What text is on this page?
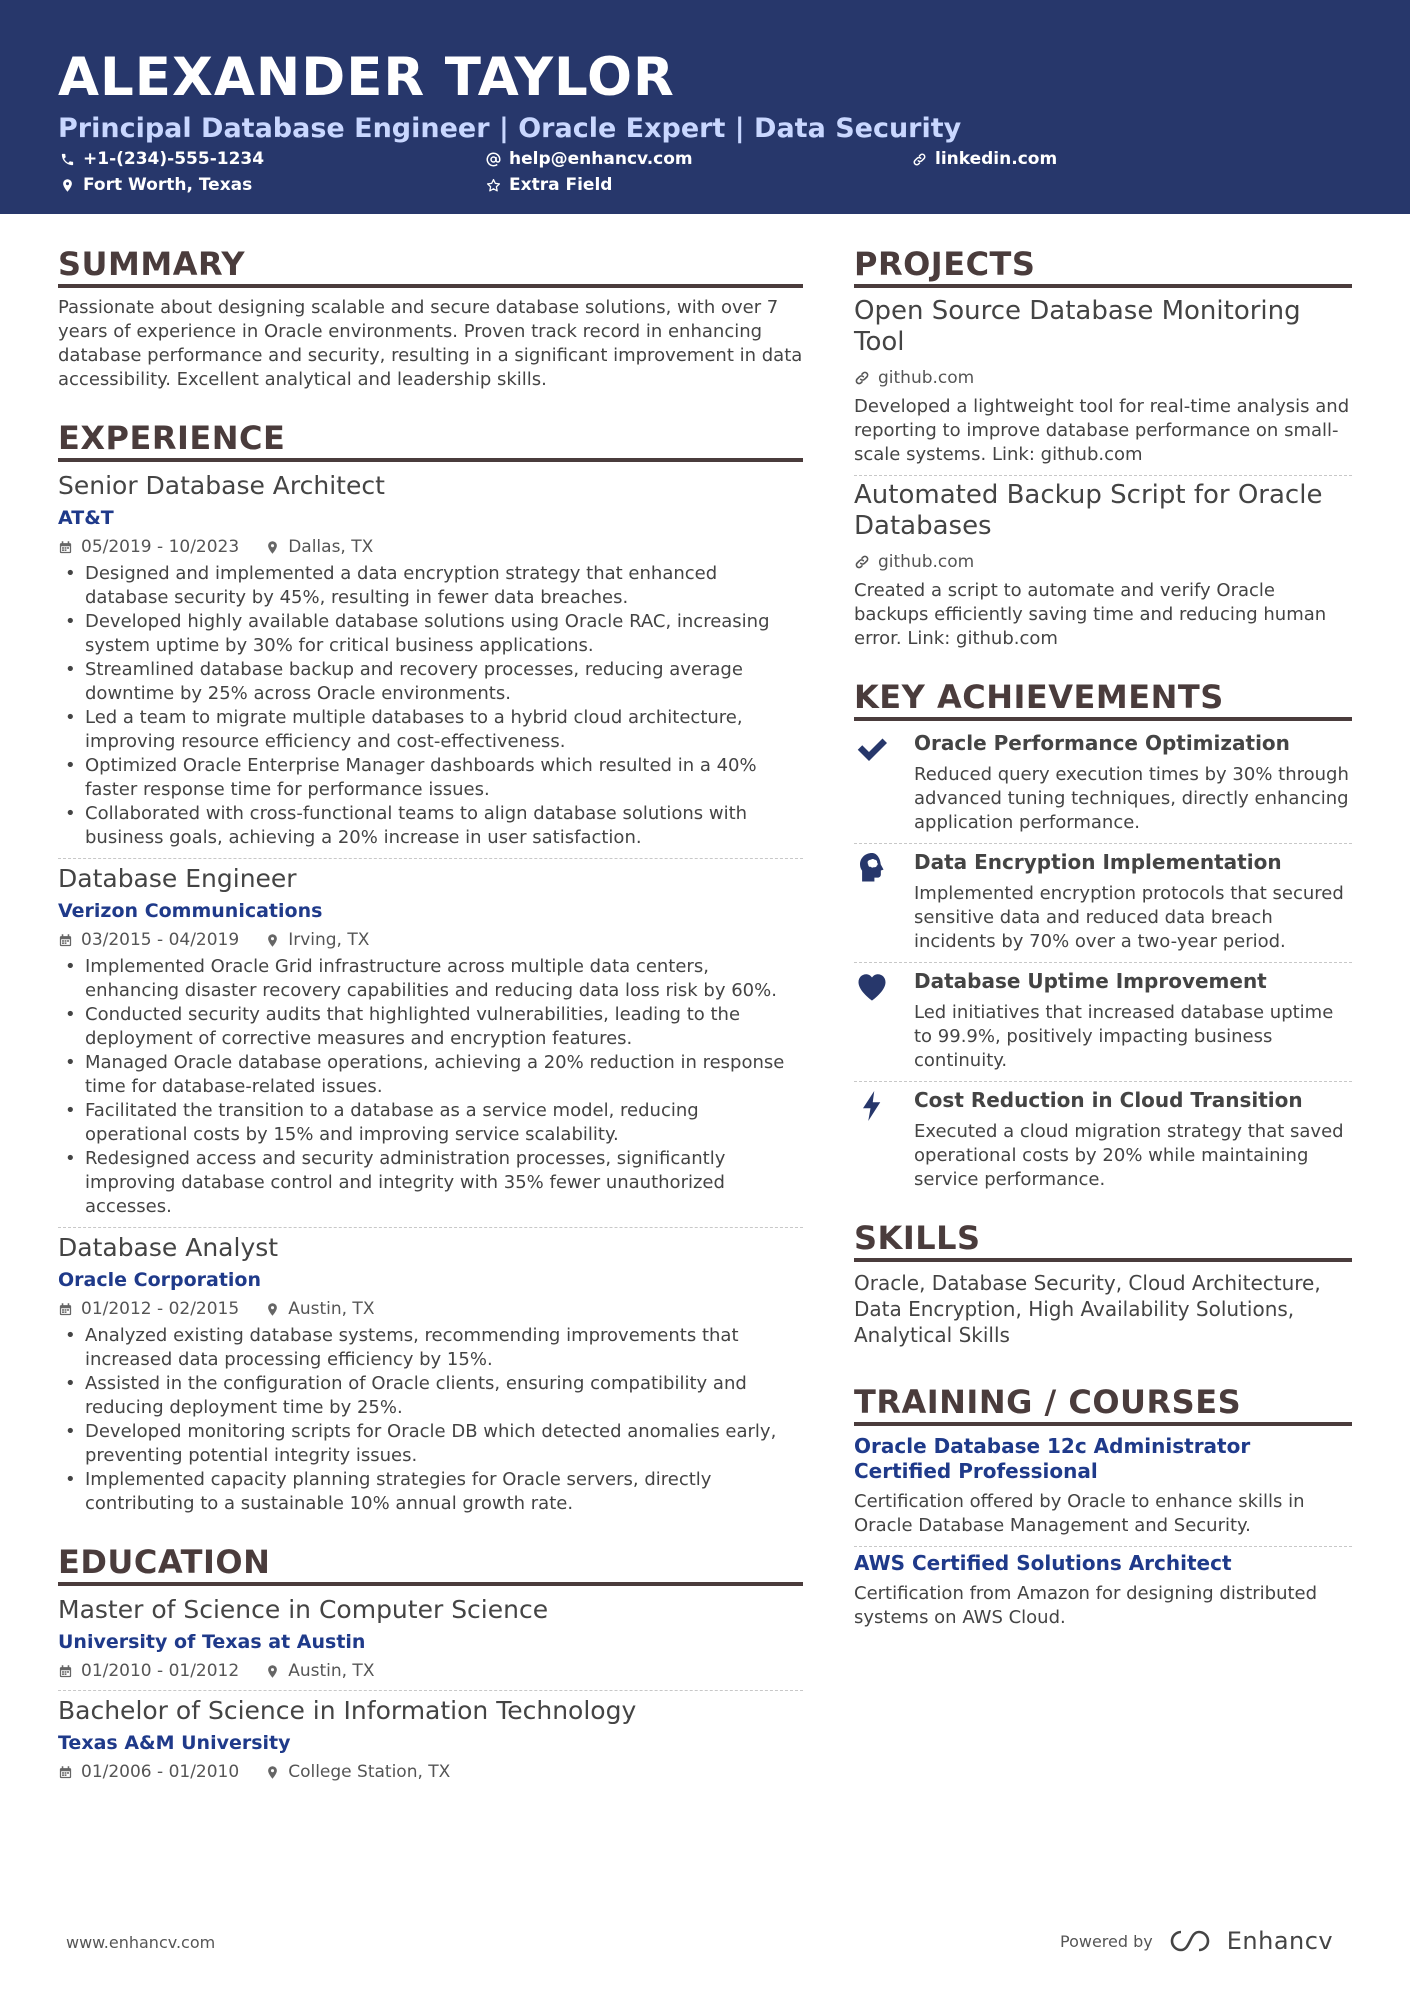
ALEXANDER TAYLOR
Principal Database Engineer | Oracle Expert | Data Security
+1-(234)-555-1234	help@enhancv.com	linkedin.com
Fort Worth, Texas	Extra Field
SUMMARY
Passionate about designing scalable and secure database solutions, with over 7 years of experience in Oracle environments. Proven track record in enhancing database performance and security, resulting in a significant improvement in data accessibility. Excellent analytical and leadership skills.
EXPERIENCE
Senior Database Architect
AT&T
05/2019 - 10/2023	Dallas, TX
• Designed and implemented a data encryption strategy that enhanced database security by 45%, resulting in fewer data breaches.
• Developed highly available database solutions using Oracle RAC, increasing system uptime by 30% for critical business applications.
• Streamlined database backup and recovery processes, reducing average downtime by 25% across Oracle environments.
• Led a team to migrate multiple databases to a hybrid cloud architecture, improving resource efficiency and cost-effectiveness.
• Optimized Oracle Enterprise Manager dashboards which resulted in a 40% faster response time for performance issues.
• Collaborated with cross-functional teams to align database solutions with business goals, achieving a 20% increase in user satisfaction.
Database Engineer
Verizon Communications
03/2015 - 04/2019	Irving, TX
• Implemented Oracle Grid infrastructure across multiple data centers, enhancing disaster recovery capabilities and reducing data loss risk by 60%.
• Conducted security audits that highlighted vulnerabilities, leading to the deployment of corrective measures and encryption features.
• Managed Oracle database operations, achieving a 20% reduction in response time for database-related issues.
• Facilitated the transition to a database as a service model, reducing operational costs by 15% and improving service scalability.
• Redesigned access and security administration processes, significantly improving database control and integrity with 35% fewer unauthorized accesses.
Database Analyst
Oracle Corporation
01/2012 - 02/2015	Austin, TX
• Analyzed existing database systems, recommending improvements that increased data processing efficiency by 15%.
• Assisted in the configuration of Oracle clients, ensuring compatibility and reducing deployment time by 25%.
• Developed monitoring scripts for Oracle DB which detected anomalies early, preventing potential integrity issues.
• Implemented capacity planning strategies for Oracle servers, directly contributing to a sustainable 10% annual growth rate.
EDUCATION
Master of Science in Computer Science
University of Texas at Austin
01/2010 - 01/2012	Austin, TX
Bachelor of Science in Information Technology
Texas A&M University
01/2006 - 01/2010	College Station, TX
PROJECTS
Open Source Database Monitoring Tool
github.com
Developed a lightweight tool for real-time analysis and reporting to improve database performance on small-scale systems. Link: github.com
Automated Backup Script for Oracle Databases
github.com
Created a script to automate and verify Oracle backups efficiently saving time and reducing human error. Link: github.com
KEY ACHIEVEMENTS
Oracle Performance Optimization
Reduced query execution times by 30% through advanced tuning techniques, directly enhancing application performance.
Data Encryption Implementation
Implemented encryption protocols that secured sensitive data and reduced data breach incidents by 70% over a two-year period.
Database Uptime Improvement
Led initiatives that increased database uptime to 99.9%, positively impacting business continuity.
Cost Reduction in Cloud Transition
Executed a cloud migration strategy that saved operational costs by 20% while maintaining service performance.
SKILLS
Oracle, Database Security, Cloud Architecture, Data Encryption, High Availability Solutions, Analytical Skills
TRAINING / COURSES
Oracle Database 12c Administrator Certified Professional
Certification offered by Oracle to enhance skills in Oracle Database Management and Security.
AWS Certified Solutions Architect
Certification from Amazon for designing distributed systems on AWS Cloud.
www.enhancv.com	Powered by	Enhancv
